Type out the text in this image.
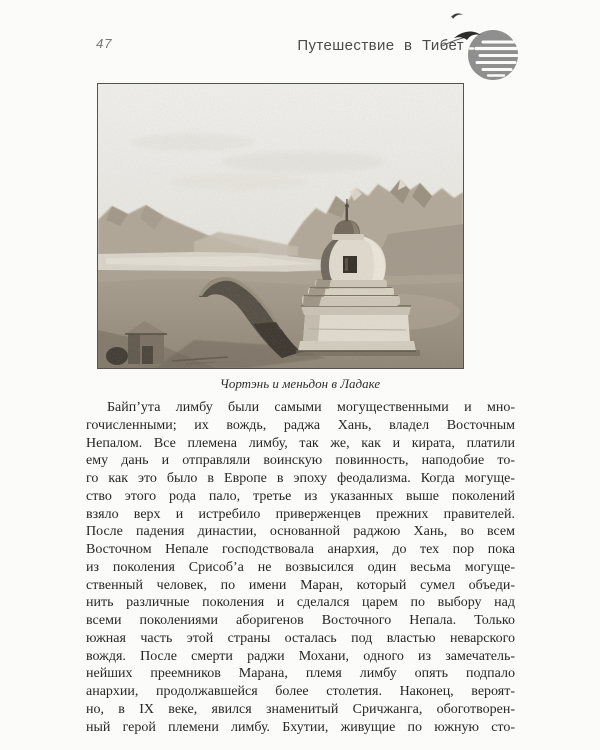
47	Путешествие в Тибет
Чортэнь и меньдон в Ладаке
Байп’ута лимбу были самыми могущественными и мно-
гочисленными; их вождь, раджа Хань, владел Восточным
Непалом. Все племена лимбу, так же, как и кирата, платили
ему дань и отправляли воинскую повинность, наподобие то-
го как это было в Европе в эпоху феодализма. Когда могуще-
ство этого рода пало, третье из указанных выше поколений
взяло верх и истребило приверженцев прежних правителей.
После падения династии, основанной раджою Хань, во всем
Восточном Непале господствовала анархия, до тех пор пока
из поколения Срисоб’а не возвысился один весьма могуще-
ственный человек, по имени Маран, который сумел объеди-
нить различные поколения и сделался царем по выбору над
всеми поколениями аборигенов Восточного Непала. Только
южная часть этой страны осталась под властью неварского
вождя. После смерти раджи Мохани, одного из замечатель-
нейших преемников Марана, племя лимбу опять подпало
анархии, продолжавшейся более столетия. Наконец, вероят-
но, в IX веке, явился знаменитый Сричжанга, обоготворен-
ный герой племени лимбу. Бхутии, живущие по южную сто-
